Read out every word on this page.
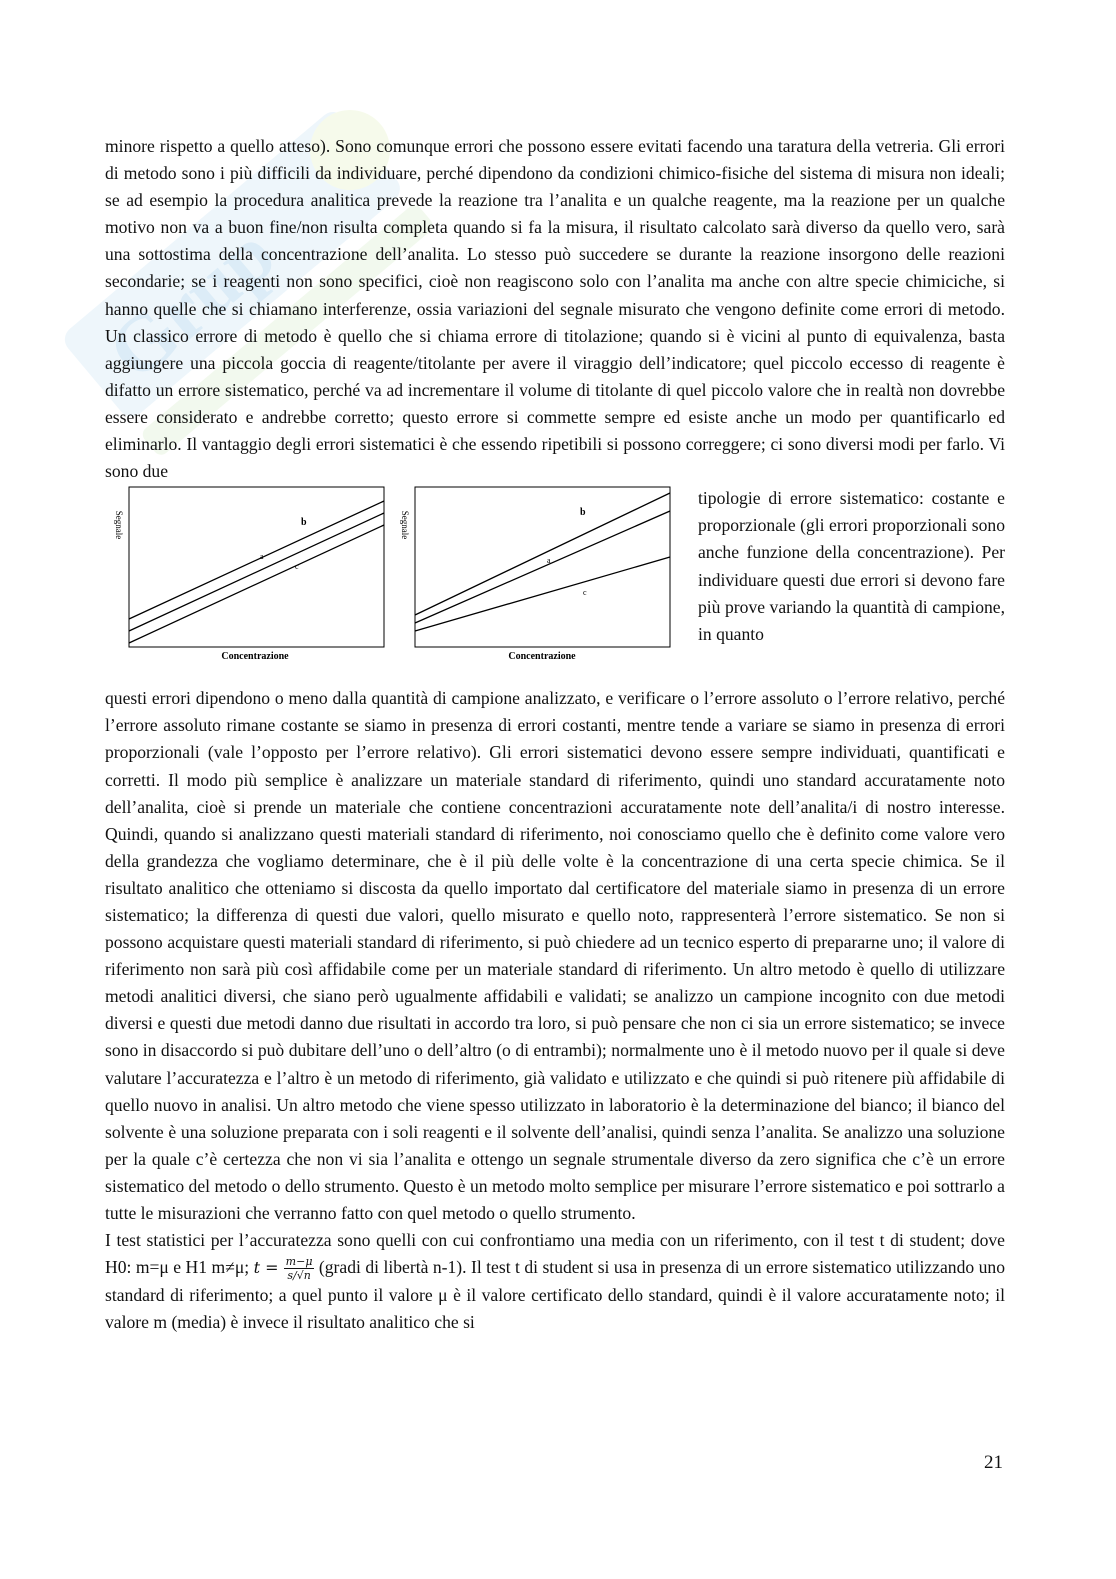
Grup

minore rispetto a quello atteso). Sono comunque errori che possono essere evitati facendo una taratura della vetreria. Gli errori di metodo sono i più difficili da individuare, perché dipendono da condizioni chimico-fisiche del sistema di misura non ideali; se ad esempio la procedura analitica prevede la reazione tra l’analita e un qualche reagente, ma la reazione per un qualche motivo non va a buon fine/non risulta completa quando si fa la misura, il risultato calcolato sarà diverso da quello vero, sarà una sottostima della concentrazione dell’analita. Lo stesso può succedere se durante la reazione insorgono delle reazioni secondarie; se i reagenti non sono specifici, cioè non reagiscono solo con l’analita ma anche con altre specie chimiciche, si hanno quelle che si chiamano interferenze, ossia variazioni del segnale misurato che vengono definite come errori di metodo. Un classico errore di metodo è quello che si chiama errore di titolazione; quando si è vicini al punto di equivalenza, basta aggiungere una piccola goccia di reagente/titolante per avere il viraggio dell’indicatore; quel piccolo eccesso di reagente è difatto un errore sistematico, perché va ad incrementare il volume di titolante di quel piccolo valore che in realtà non dovrebbe essere considerato e andrebbe corretto; questo errore si commette sempre ed esiste anche un modo per quantificarlo ed eliminarlo. Il vantaggio degli errori sistematici è che essendo ripetibili si possono correggere; ci sono diversi modi per farlo. Vi sono due

Segnale	b
a
c
Concentrazione
Segnale	b
a
c
Concentrazione
tipologie di errore sistematico: costante e proporzionale (gli errori proporzionali sono anche funzione della concentrazione). Per individuare questi due errori si devono fare più prove variando la quantità di campione, in quanto

questi errori dipendono o meno dalla quantità di campione analizzato, e verificare o l’errore assoluto o l’errore relativo, perché l’errore assoluto rimane costante se siamo in presenza di errori costanti, mentre tende a variare se siamo in presenza di errori proporzionali (vale l’opposto per l’errore relativo). Gli errori sistematici devono essere sempre individuati, quantificati e corretti. Il modo più semplice è analizzare un materiale standard di riferimento, quindi uno standard accuratamente noto dell’analita, cioè si prende un materiale che contiene concentrazioni accuratamente note dell’analita/i di nostro interesse. Quindi, quando si analizzano questi materiali standard di riferimento, noi conosciamo quello che è definito come valore vero della grandezza che vogliamo determinare, che è il più delle volte è la concentrazione di una certa specie chimica. Se il risultato analitico che otteniamo si discosta da quello importato dal certificatore del materiale siamo in presenza di un errore sistematico; la differenza di questi due valori, quello misurato e quello noto, rappresenterà l’errore sistematico. Se non si possono acquistare questi materiali standard di riferimento, si può chiedere ad un tecnico esperto di prepararne uno; il valore di riferimento non sarà più così affidabile come per un materiale standard di riferimento. Un altro metodo è quello di utilizzare metodi analitici diversi, che siano però ugualmente affidabili e validati; se analizzo un campione incognito con due metodi diversi e questi due metodi danno due risultati in accordo tra loro, si può pensare che non ci sia un errore sistematico; se invece sono in disaccordo si può dubitare dell’uno o dell’altro (o di entrambi); normalmente uno è il metodo nuovo per il quale si deve valutare l’accuratezza e l’altro è un metodo di riferimento, già validato e utilizzato e che quindi si può ritenere più affidabile di quello nuovo in analisi. Un altro metodo che viene spesso utilizzato in laboratorio è la determinazione del bianco; il bianco del solvente è una soluzione preparata con i soli reagenti e il solvente dell’analisi, quindi senza l’analita. Se analizzo una soluzione per la quale c’è certezza che non vi sia l’analita e ottengo un segnale strumentale diverso da zero significa che c’è un errore sistematico del metodo o dello strumento. Questo è un metodo molto semplice per misurare l’errore sistematico e poi sottrarlo a tutte le misurazioni che verranno fatto con quel metodo o quello strumento.

I test statistici per l’accuratezza sono quelli con cui confrontiamo una media con un riferimento, con il test t di student; dove H0: m=μ e H1 m≠μ; $t = \frac{m-\mu}{s/√n}$ (gradi di libertà n-1). Il test t di student si usa in presenza di un errore sistematico utilizzando uno standard di riferimento; a quel punto il valore μ è il valore certificato dello standard, quindi è il valore accuratamente noto; il valore m (media) è invece il risultato analitico che si

21
